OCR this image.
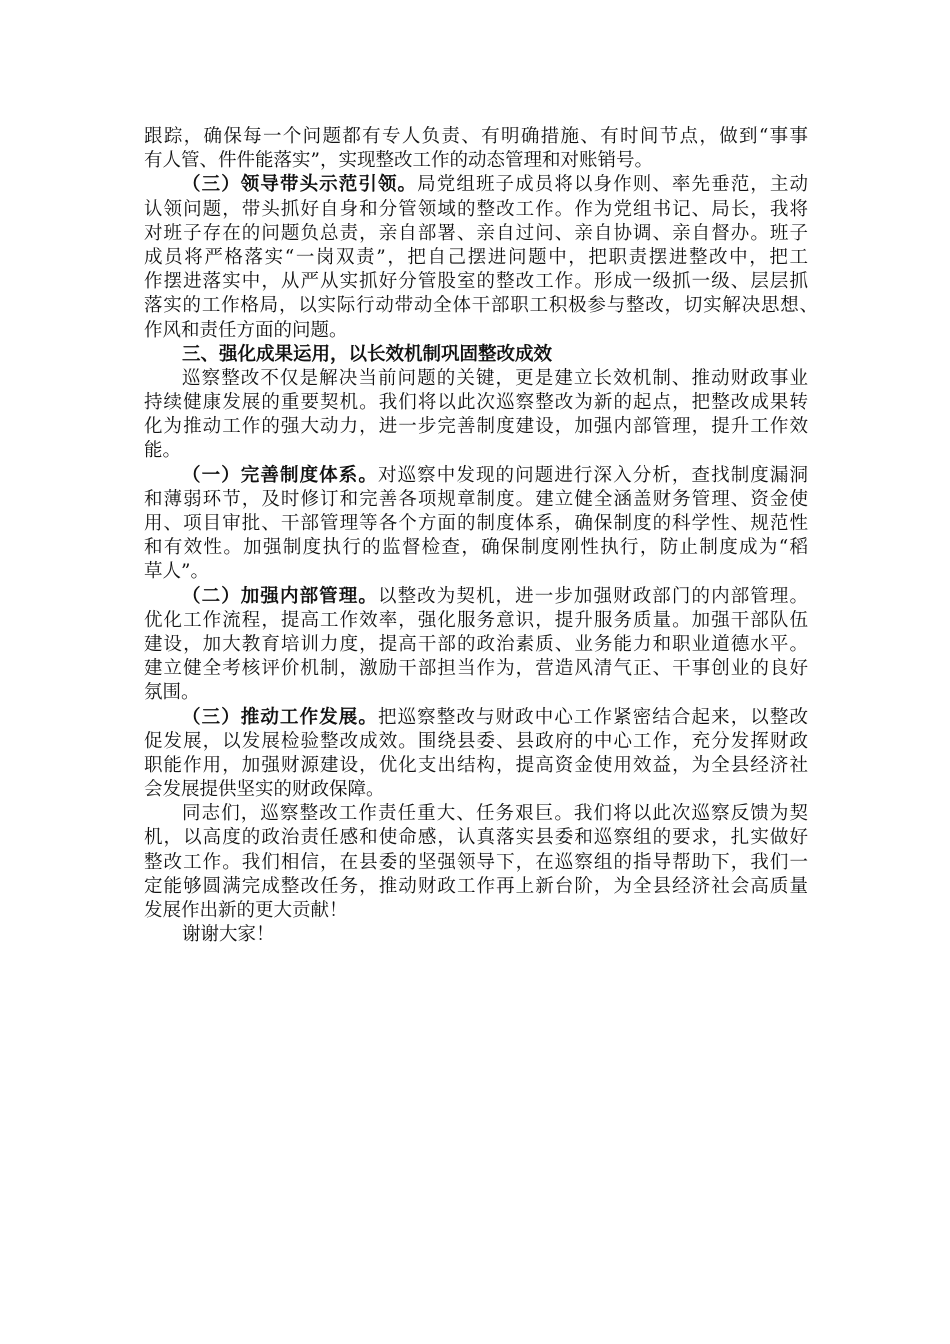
跟踪，确保每一个问题都有专人负责、有明确措施、有时间节点，做到“事事
有人管、件件能落实”，实现整改工作的动态管理和对账销号。
（三）领导带头示范引领。局党组班子成员将以身作则、率先垂范，主动
认领问题，带头抓好自身和分管领域的整改工作。作为党组书记、局长，我将
对班子存在的问题负总责，亲自部署、亲自过问、亲自协调、亲自督办。班子
成员将严格落实“一岗双责”，把自己摆进问题中，把职责摆进整改中，把工
作摆进落实中，从严从实抓好分管股室的整改工作。形成一级抓一级、层层抓
落实的工作格局，以实际行动带动全体干部职工积极参与整改，切实解决思想、
作风和责任方面的问题。
三、强化成果运用，以长效机制巩固整改成效
巡察整改不仅是解决当前问题的关键，更是建立长效机制、推动财政事业
持续健康发展的重要契机。我们将以此次巡察整改为新的起点，把整改成果转
化为推动工作的强大动力，进一步完善制度建设，加强内部管理，提升工作效
能。
（一）完善制度体系。对巡察中发现的问题进行深入分析，查找制度漏洞
和薄弱环节，及时修订和完善各项规章制度。建立健全涵盖财务管理、资金使
用、项目审批、干部管理等各个方面的制度体系，确保制度的科学性、规范性
和有效性。加强制度执行的监督检查，确保制度刚性执行，防止制度成为“稻
草人”。
（二）加强内部管理。以整改为契机，进一步加强财政部门的内部管理。
优化工作流程，提高工作效率，强化服务意识，提升服务质量。加强干部队伍
建设，加大教育培训力度，提高干部的政治素质、业务能力和职业道德水平。
建立健全考核评价机制，激励干部担当作为，营造风清气正、干事创业的良好
氛围。
（三）推动工作发展。把巡察整改与财政中心工作紧密结合起来，以整改
促发展，以发展检验整改成效。围绕县委、县政府的中心工作，充分发挥财政
职能作用，加强财源建设，优化支出结构，提高资金使用效益，为全县经济社
会发展提供坚实的财政保障。
同志们，巡察整改工作责任重大、任务艰巨。我们将以此次巡察反馈为契
机，以高度的政治责任感和使命感，认真落实县委和巡察组的要求，扎实做好
整改工作。我们相信，在县委的坚强领导下，在巡察组的指导帮助下，我们一
定能够圆满完成整改任务，推动财政工作再上新台阶，为全县经济社会高质量
发展作出新的更大贡献！
谢谢大家！
